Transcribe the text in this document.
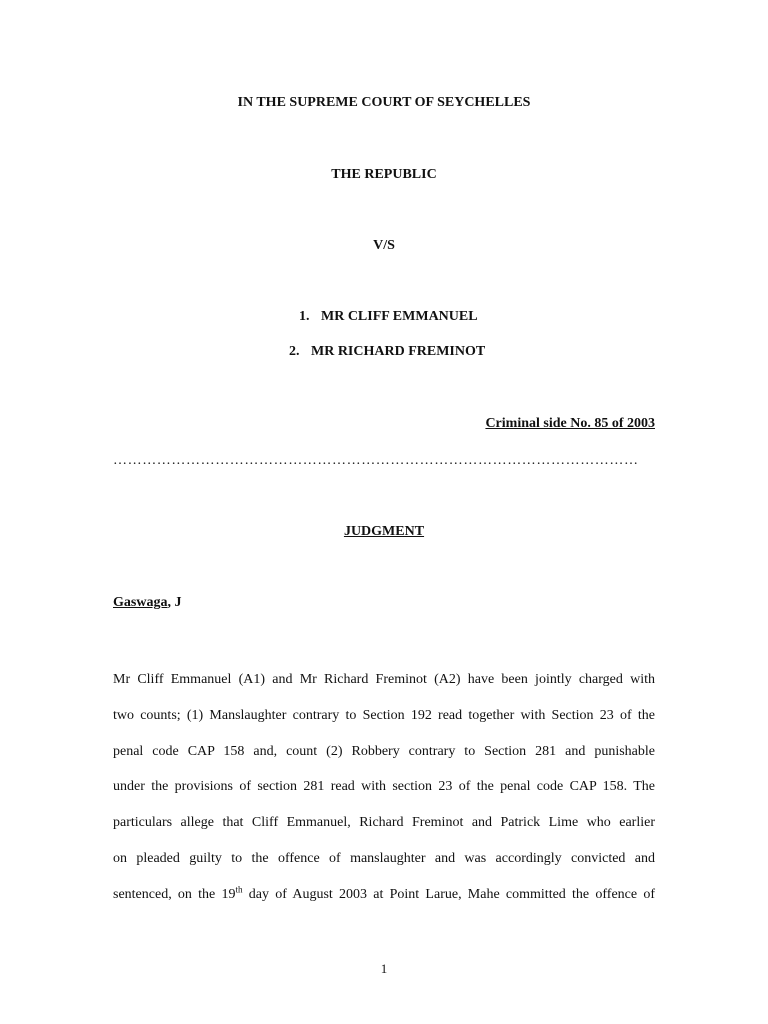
IN THE SUPREME COURT OF SEYCHELLES
THE REPUBLIC
V/S
1. MR CLIFF EMMANUEL
2. MR RICHARD FREMINOT
Criminal side No. 85 of 2003
………………………………………………………………………………………………
JUDGMENT
Gaswaga, J
Mr Cliff Emmanuel (A1) and Mr Richard Freminot (A2) have been jointly charged with
two counts; (1) Manslaughter contrary to Section 192 read together with Section 23 of the
penal code CAP 158 and, count (2) Robbery contrary to Section 281 and punishable
under the provisions of section 281 read with section 23 of the penal code CAP 158. The
particulars allege that Cliff Emmanuel, Richard Freminot and Patrick Lime who earlier
on pleaded guilty to the offence of manslaughter and was accordingly convicted and
sentenced, on the 19th day of August 2003 at Point Larue, Mahe committed the offence of
1
